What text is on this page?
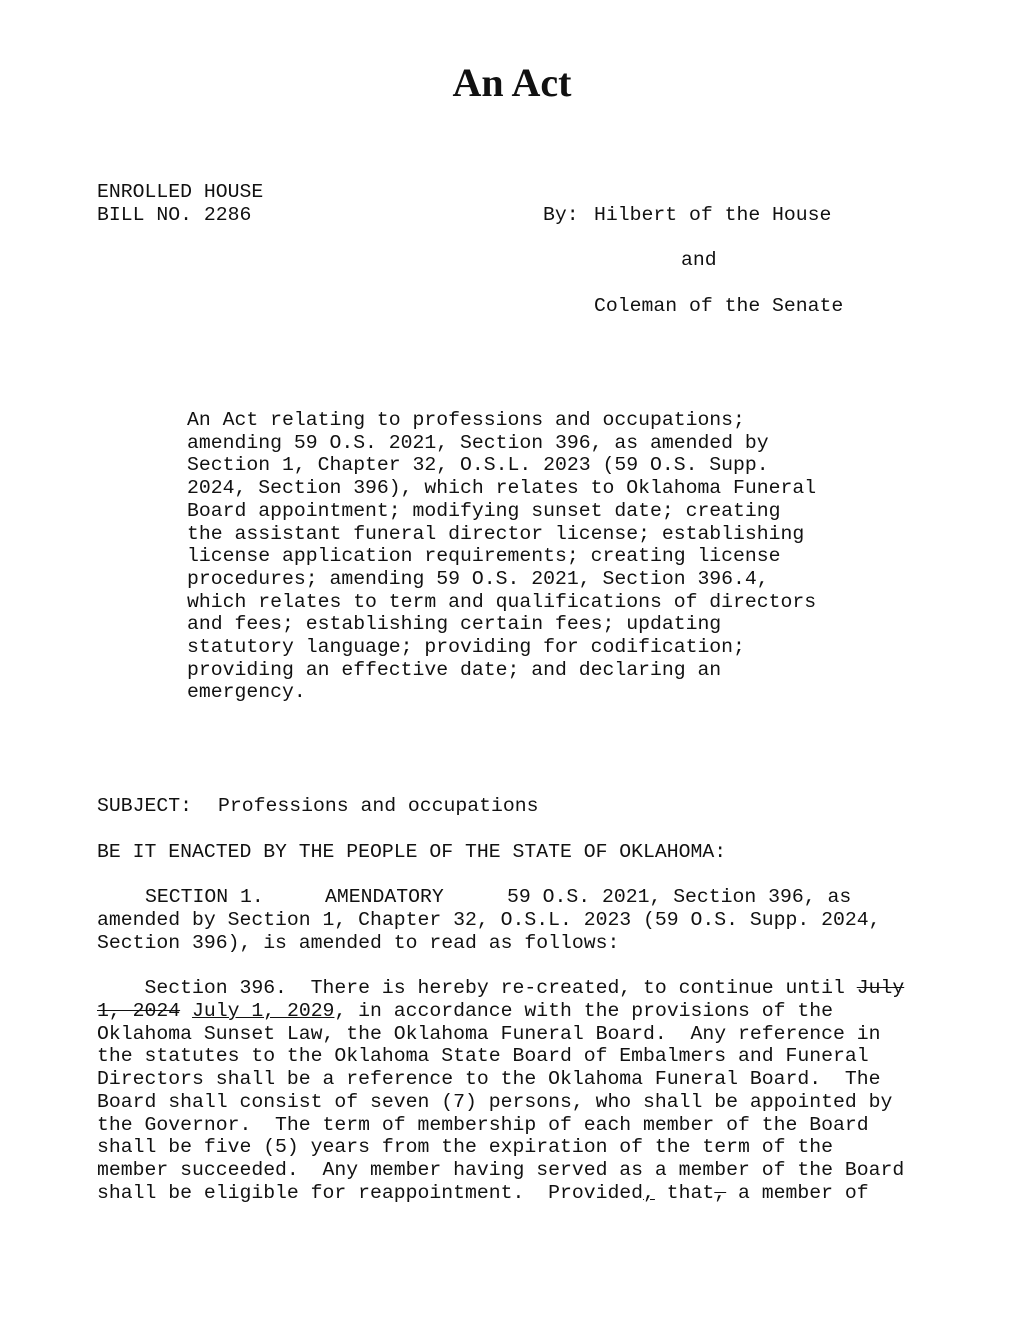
An Act
ENROLLED HOUSE
BILL NO. 2286	By: Hilbert of the House
and
Coleman of the Senate
An Act relating to professions and occupations;
amending 59 O.S. 2021, Section 396, as amended by
Section 1, Chapter 32, O.S.L. 2023 (59 O.S. Supp.
2024, Section 396), which relates to Oklahoma Funeral
Board appointment; modifying sunset date; creating
the assistant funeral director license; establishing
license application requirements; creating license
procedures; amending 59 O.S. 2021, Section 396.4,
which relates to term and qualifications of directors
and fees; establishing certain fees; updating
statutory language; providing for codification;
providing an effective date; and declaring an
emergency.
SUBJECT: Professions and occupations
BE IT ENACTED BY THE PEOPLE OF THE STATE OF OKLAHOMA:
SECTION 1.	AMENDATORY	59 O.S. 2021, Section 396, as
amended by Section 1, Chapter 32, O.S.L. 2023 (59 O.S. Supp. 2024,
Section 396), is amended to read as follows:
Section 396.  There is hereby re-created, to continue until July
1, 2024 July 1, 2029, in accordance with the provisions of the
Oklahoma Sunset Law, the Oklahoma Funeral Board.  Any reference in
the statutes to the Oklahoma State Board of Embalmers and Funeral
Directors shall be a reference to the Oklahoma Funeral Board.  The
Board shall consist of seven (7) persons, who shall be appointed by
the Governor.  The term of membership of each member of the Board
shall be five (5) years from the expiration of the term of the
member succeeded.  Any member having served as a member of the Board
shall be eligible for reappointment.  Provided, that, a member of
